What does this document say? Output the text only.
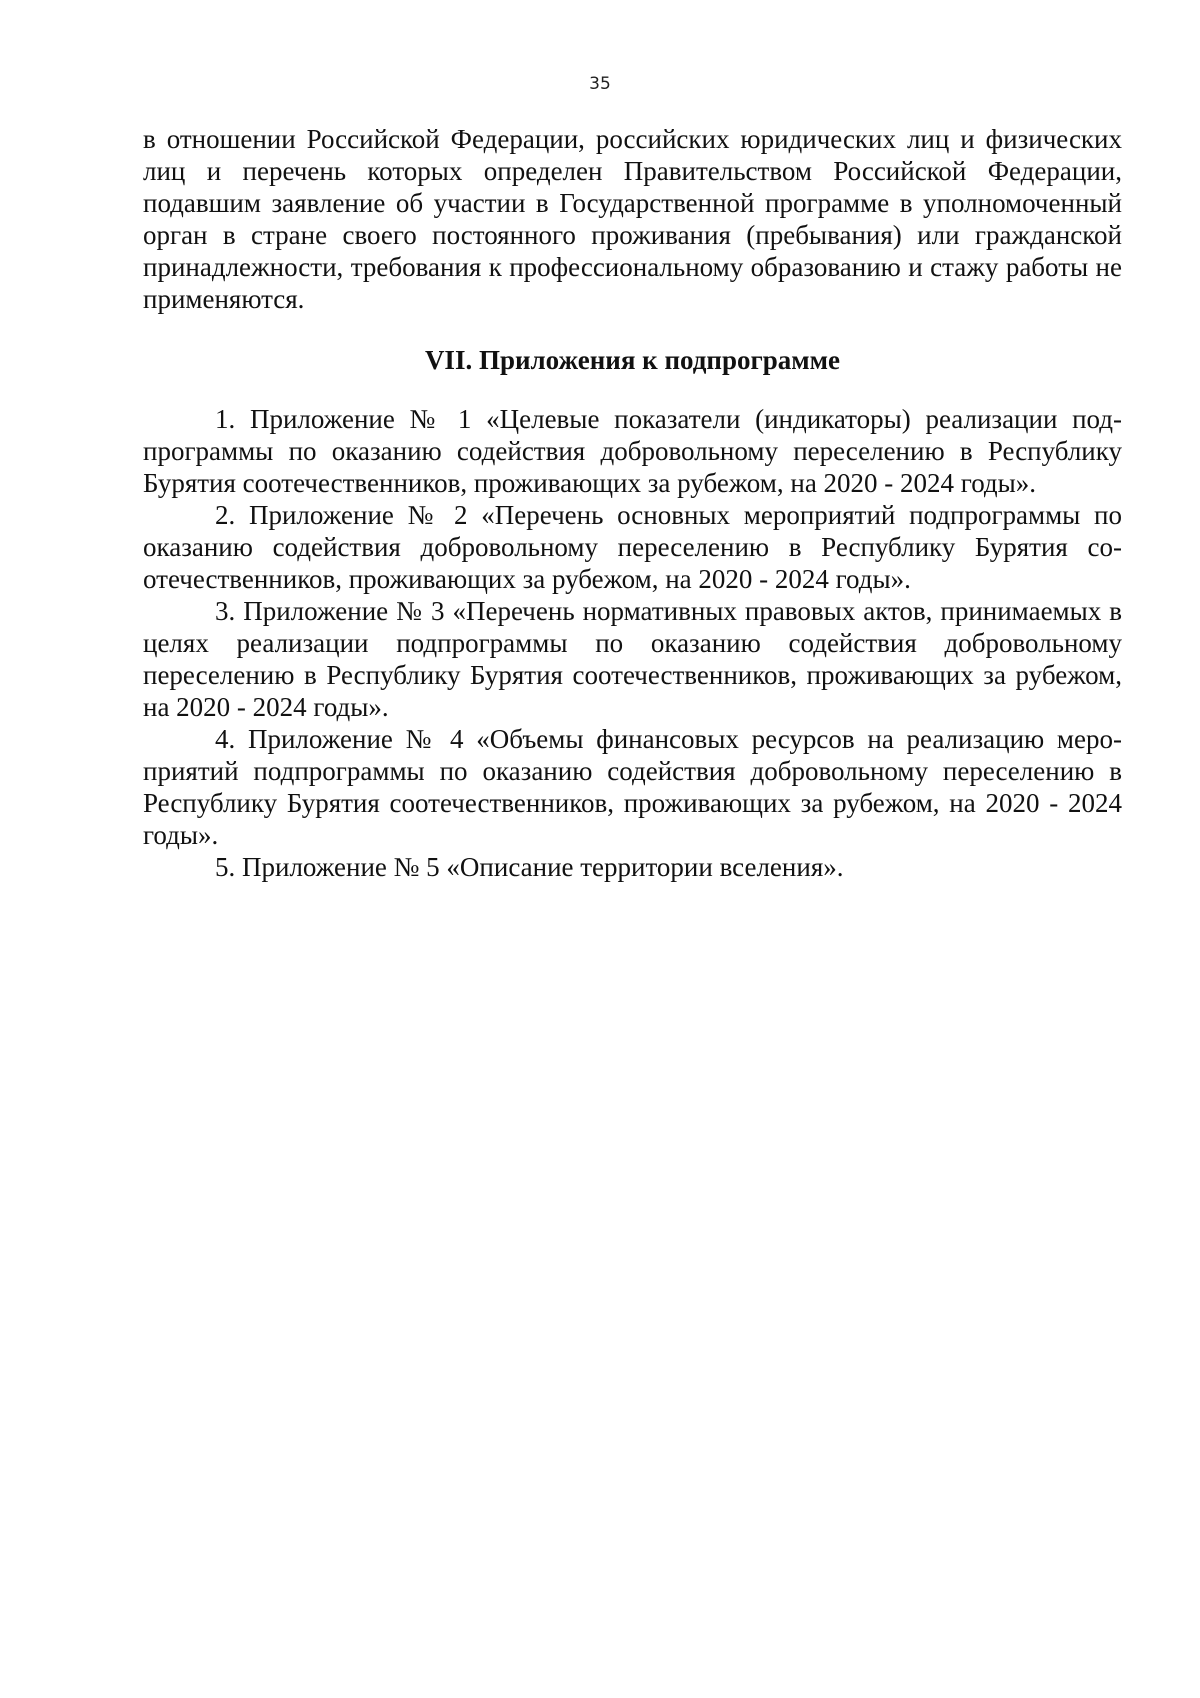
35

в отношении Российской Федерации, российских юридических лиц и физических лиц и перечень которых определен Правительством Российской Федерации, подавшим заявление об участии в Государственной программе в уполномоченный орган в стране своего постоянного проживания (пребывания) или гражданской принадлежности, требования к профессиональному образованию и стажу работы не применяются.

VII. Приложения к подпрограмме

1. Приложение № 1 «Целевые показатели (индикаторы) реализации подпрограммы по оказанию содействия добровольному переселению в Республику Бурятия соотечественников, проживающих за рубежом, на 2020 - 2024 годы».

2. Приложение № 2 «Перечень основных мероприятий подпрограммы по оказанию содействия добровольному переселению в Республику Бурятия соотечественников, проживающих за рубежом, на 2020 - 2024 годы».

3. Приложение № 3 «Перечень нормативных правовых актов, принимаемых в целях реализации подпрограммы по оказанию содействия добровольному переселению в Республику Бурятия соотечественников, проживающих за рубежом, на 2020 - 2024 годы».

4. Приложение № 4 «Объемы финансовых ресурсов на реализацию мероприятий подпрограммы по оказанию содействия добровольному переселению в Республику Бурятия соотечественников, проживающих за рубежом, на 2020 - 2024 годы».

5. Приложение № 5 «Описание территории вселения».
